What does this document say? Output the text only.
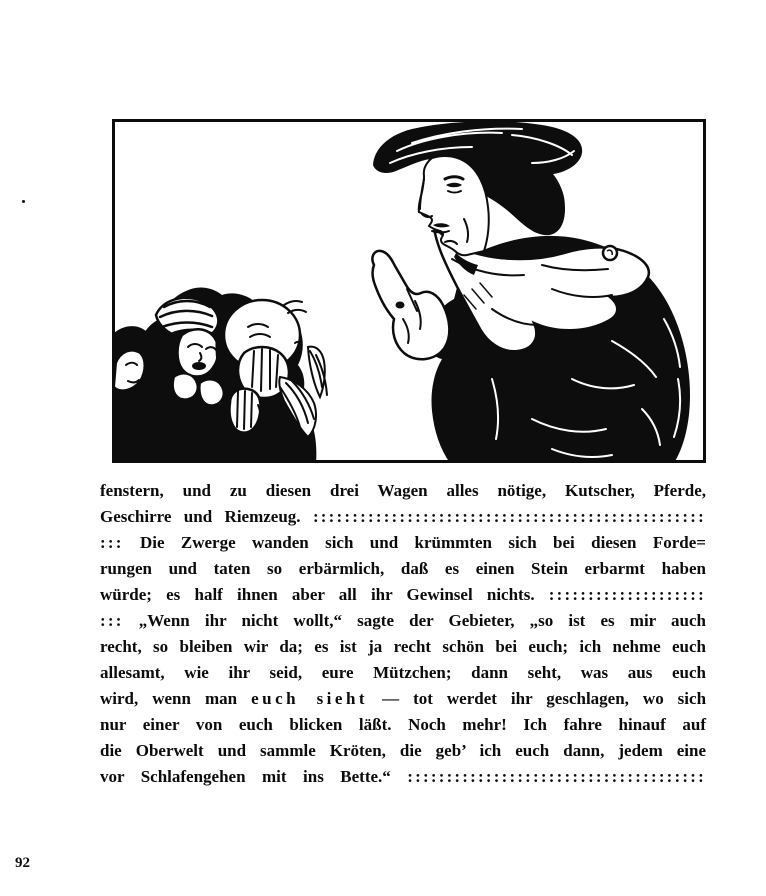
fenstern, und zu diesen drei Wagen alles nötige, Kutscher, Pferde,
Geschirre und Riemzeug. ::::::::::::::::::::::::::::::::::::::::::::::::::
::: Die Zwerge wanden sich und krümmten sich bei diesen Forde=
rungen und taten so erbärmlich, daß es einen Stein erbarmt haben
würde; es half ihnen aber all ihr Gewinsel nichts. ::::::::::::::::::::
::: „Wenn ihr nicht wollt,“ sagte der Gebieter, „so ist es mir auch
recht, so bleiben wir da; es ist ja recht schön bei euch; ich nehme euch
allesamt, wie ihr seid, eure Mützchen; dann seht, was aus euch
wird, wenn man euch sieht — tot werdet ihr geschlagen, wo sich
nur einer von euch blicken läßt. Noch mehr! Ich fahre hinauf auf
die Oberwelt und sammle Kröten, die geb’ ich euch dann, jedem eine
vor Schlafengehen mit ins Bette.“ ::::::::::::::::::::::::::::::::::::::
92
